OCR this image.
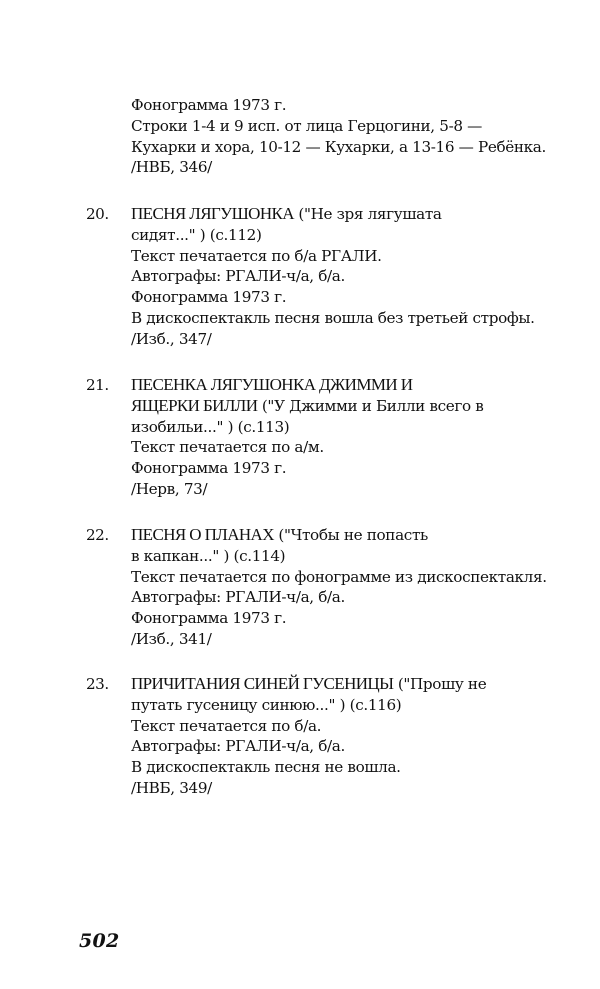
Фонограмма 1973 г.
Строки 1-4 и 9 исп. от лица Герцогини, 5-8 —
Кухарки и хора, 10-12 — Кухарки, а 13-16 — Ребёнка.
/НВБ, 346/
20. ПЕСНЯ ЛЯГУШОНКА ("Не зря лягушата
сидят..." ) (с.112)
Текст печатается по б/а РГАЛИ.
Автографы: РГАЛИ-ч/а, б/а.
Фонограмма 1973 г.
В дискоспектакль песня вошла без третьей строфы.
/Изб., 347/
21. ПЕСЕНКА ЛЯГУШОНКА ДЖИММИ И
ЯЩЕРКИ БИЛЛИ ("У Джимми и Билли всего в
изобильи..." ) (с.113)
Текст печатается по а/м.
Фонограмма 1973 г.
/Нерв, 73/
22. ПЕСНЯ О ПЛАНАХ ("Чтобы не попасть
в капкан..." ) (с.114)
Текст печатается по фонограмме из дискоспектакля.
Автографы: РГАЛИ-ч/а, б/а.
Фонограмма 1973 г.
/Изб., 341/
23. ПРИЧИТАНИЯ СИНЕЙ ГУСЕНИЦЫ ("Прошу не
путать гусеницу синюю..." ) (с.116)
Текст печатается по б/а.
Автографы: РГАЛИ-ч/а, б/а.
В дискоспектакль песня не вошла.
/НВБ, 349/
502
